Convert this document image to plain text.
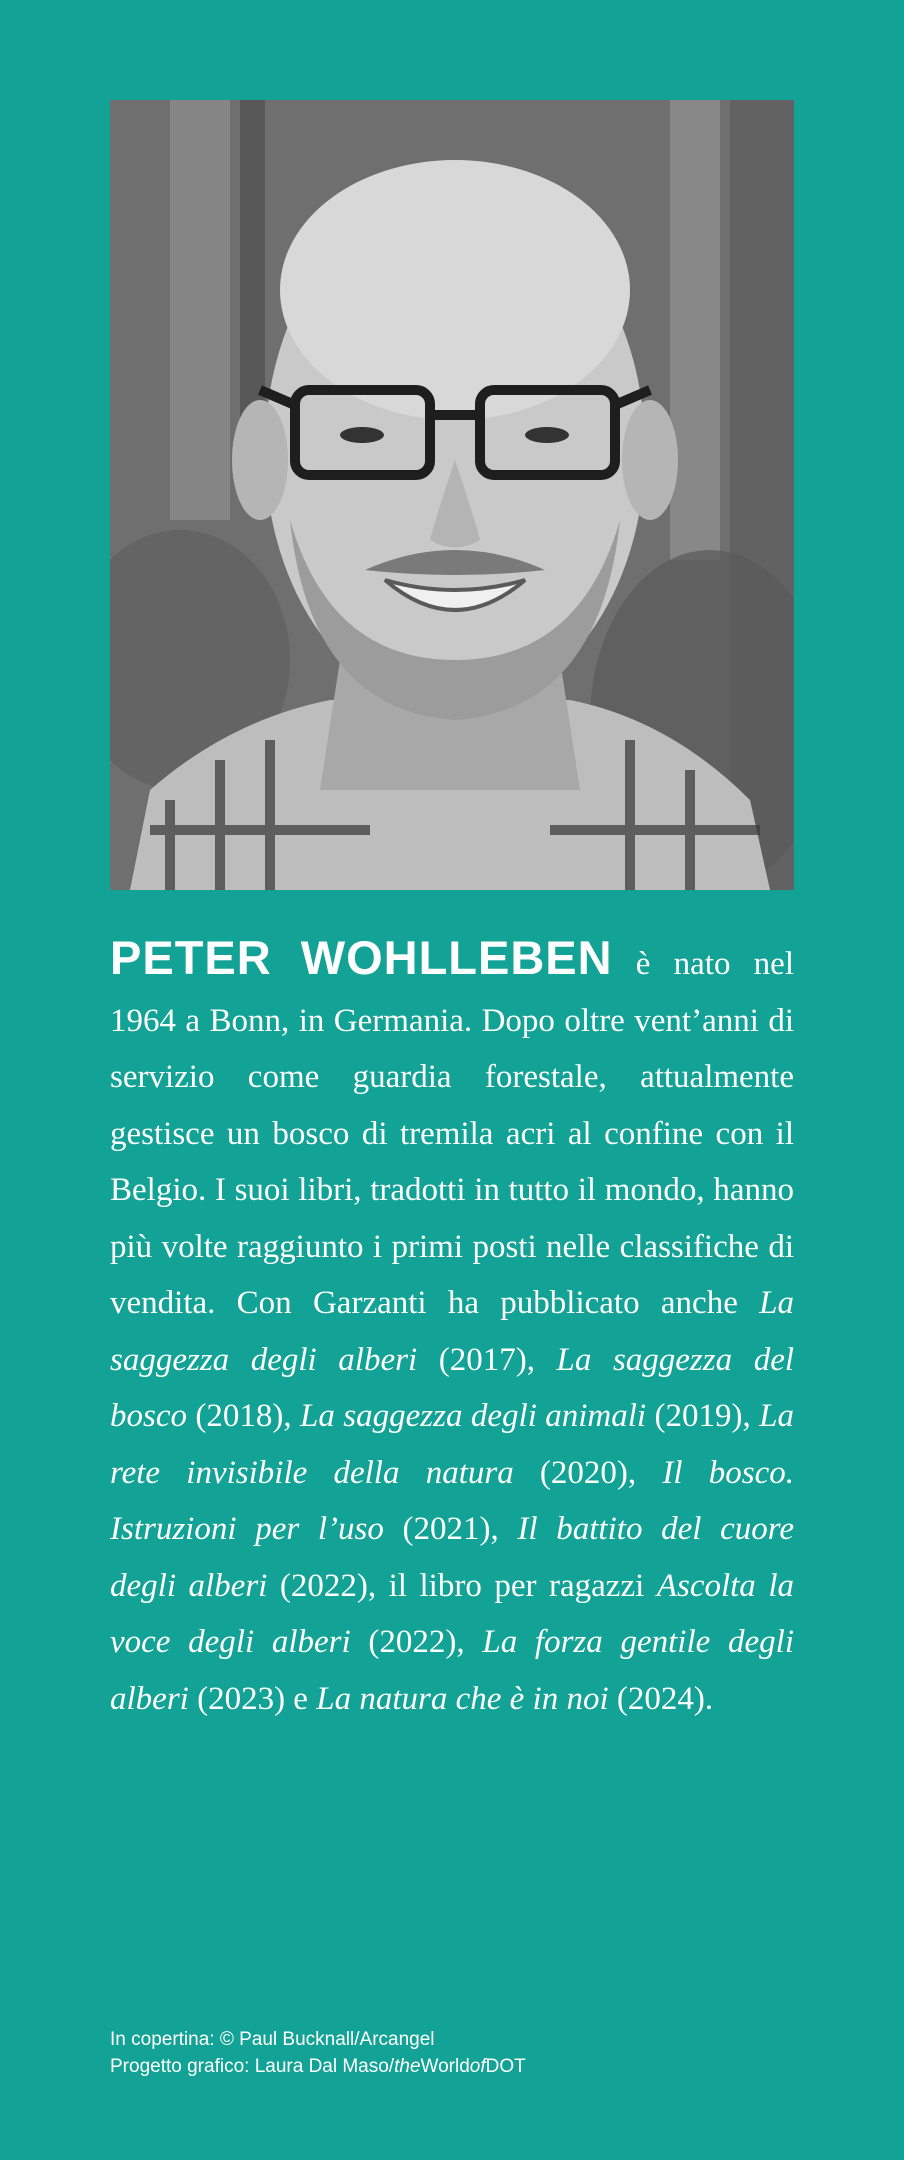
PETER WOHLLEBEN è nato nel 1964 a Bonn, in Germania. Dopo oltre vent’anni di servizio come guardia forestale, attualmente gestisce un bosco di tremila acri al confine con il Belgio. I suoi libri, tradotti in tutto il mondo, hanno più volte raggiunto i primi posti nelle classifiche di vendita. Con Garzanti ha pubblicato anche La saggezza degli alberi (2017), La saggezza del bosco (2018), La saggezza degli animali (2019), La rete invisibile della natura (2020), Il bosco. Istruzioni per l’uso (2021), Il battito del cuore degli alberi (2022), il libro per ragazzi Ascolta la voce degli alberi (2022), La forza gentile degli alberi (2023) e La natura che è in noi (2024).
In copertina: © Paul Bucknall/Arcangel
Progetto grafico: Laura Dal Maso/theWorldofDOT
